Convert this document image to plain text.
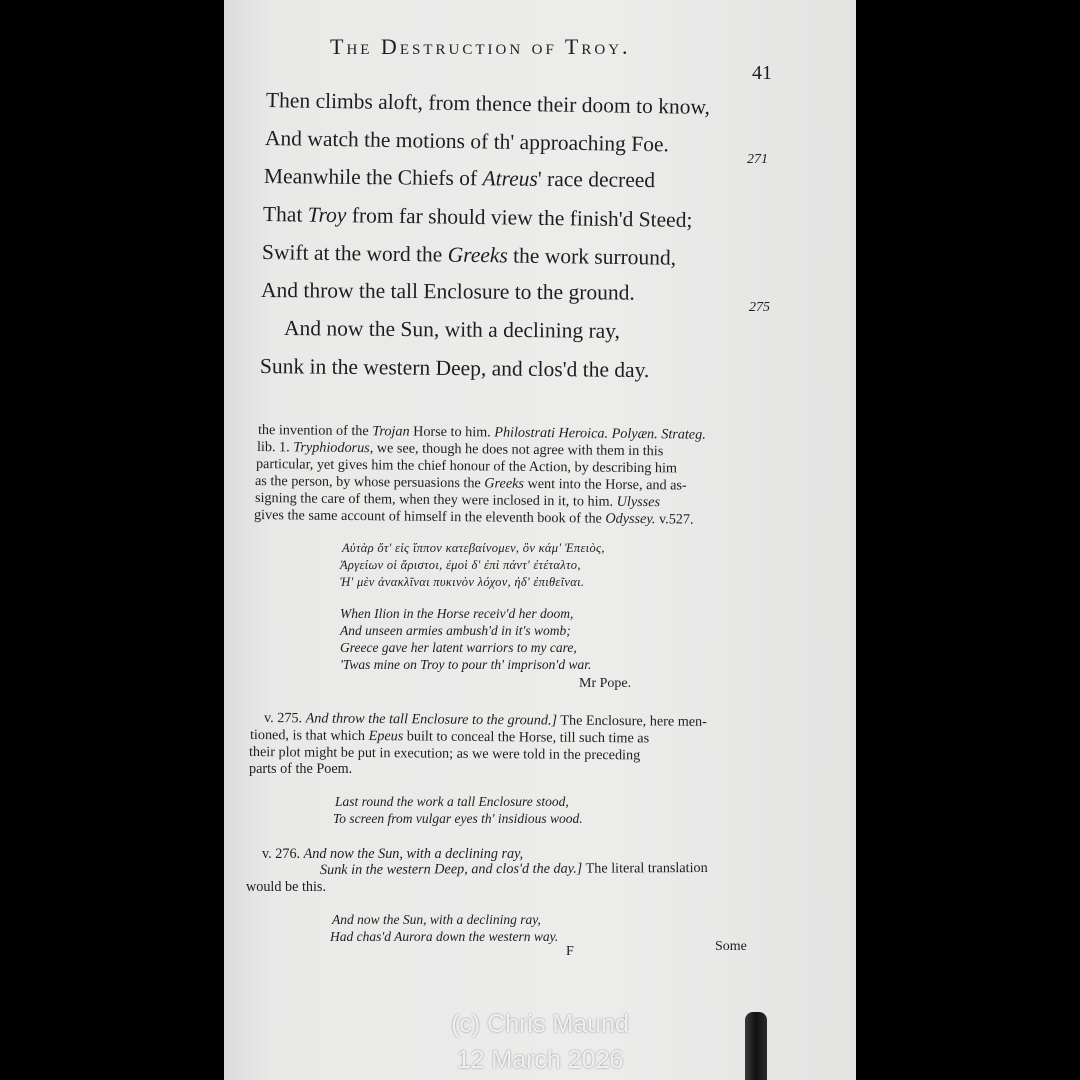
The Destruction of Troy.
41
Then climbs aloft, from thence their doom to know,
And watch the motions of th' approaching Foe.
271
Meanwhile the Chiefs of Atreus' race decreed
That Troy from far should view the finish'd Steed;
Swift at the word the Greeks the work surround,
And throw the tall Enclosure to the ground.
275
And now the Sun, with a declining ray,
Sunk in the western Deep, and clos'd the day.
the invention of the Trojan Horse to him. Philostrati Heroica. Polyæn. Strateg.
lib. 1. Tryphiodorus, we see, though he does not agree with them in this
particular, yet gives him the chief honour of the Action, by describing him
as the person, by whose persuasions the Greeks went into the Horse, and as-
signing the care of them, when they were inclosed in it, to him. Ulysses
gives the same account of himself in the eleventh book of the Odyssey. v.527.
Αὐτὰρ ὅτ' εἰς ἵππον κατεβαίνομεν, ὃν κάμ' Ἐπειὸς,
Ἀργείων οἱ ἄριστοι, ἐμοὶ δ' ἐπὶ πάντ' ἐτέταλτο,
Ἠ' μὲν ἀνακλῖναι πυκινὸν λόχον, ἠδ' ἐπιθεῖναι.
When Ilion in the Horse receiv'd her doom,
And unseen armies ambush'd in it's womb;
Greece gave her latent warriors to my care,
'Twas mine on Troy to pour th' imprison'd war.
Mr Pope.
v. 275. And throw the tall Enclosure to the ground.] The Enclosure, here men-
tioned, is that which Epeus built to conceal the Horse, till such time as
their plot might be put in execution; as we were told in the preceding
parts of the Poem.
Last round the work a tall Enclosure stood,
To screen from vulgar eyes th' insidious wood.
v. 276. And now the Sun, with a declining ray,
Sunk in the western Deep, and clos'd the day.] The literal translation
would be this.
And now the Sun, with a declining ray,
Had chas'd Aurora down the western way.
F	Some
(c) Chris Maund
12 March 2026
